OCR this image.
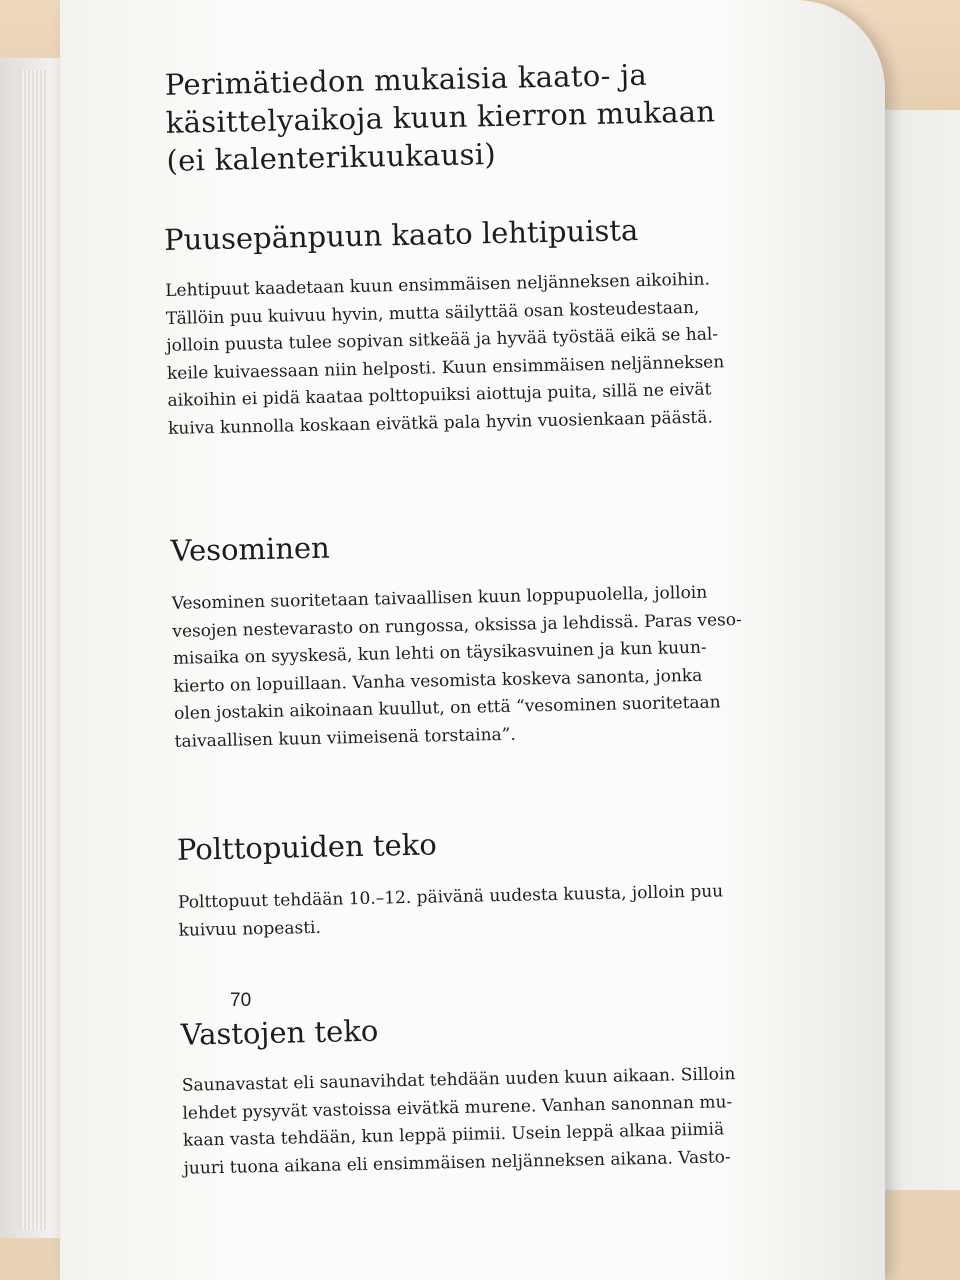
Perimätiedon mukaisia kaato- ja
käsittelyaikoja kuun kierron mukaan
(ei kalenterikuukausi)
Puusepänpuun kaato lehtipuista

Lehtipuut kaadetaan kuun ensimmäisen neljänneksen aikoihin.
Tällöin puu kuivuu hyvin, mutta säilyttää osan kosteudestaan,
jolloin puusta tulee sopivan sitkeää ja hyvää työstää eikä se hal-
keile kuivaessaan niin helposti. Kuun ensimmäisen neljänneksen
aikoihin ei pidä kaataa polttopuiksi aiottuja puita, sillä ne eivät
kuiva kunnolla koskaan eivätkä pala hyvin vuosienkaan päästä.

Vesominen

Vesominen suoritetaan taivaallisen kuun loppupuolella, jolloin
vesojen nestevarasto on rungossa, oksissa ja lehdissä. Paras veso-
misaika on syyskesä, kun lehti on täysikasvuinen ja kun kuun-
kierto on lopuillaan. Vanha vesomista koskeva sanonta, jonka
olen jostakin aikoinaan kuullut, on että “vesominen suoritetaan
taivaallisen kuun viimeisenä torstaina”.

Polttopuiden teko

Polttopuut tehdään 10.–12. päivänä uudesta kuusta, jolloin puu
kuivuu nopeasti.

Vastojen teko

Saunavastat eli saunavihdat tehdään uuden kuun aikaan. Silloin
lehdet pysyvät vastoissa eivätkä murene. Vanhan sanonnan mu-
kaan vasta tehdään, kun leppä piimii. Usein leppä alkaa piimiä
juuri tuona aikana eli ensimmäisen neljänneksen aikana. Vasto-

70
